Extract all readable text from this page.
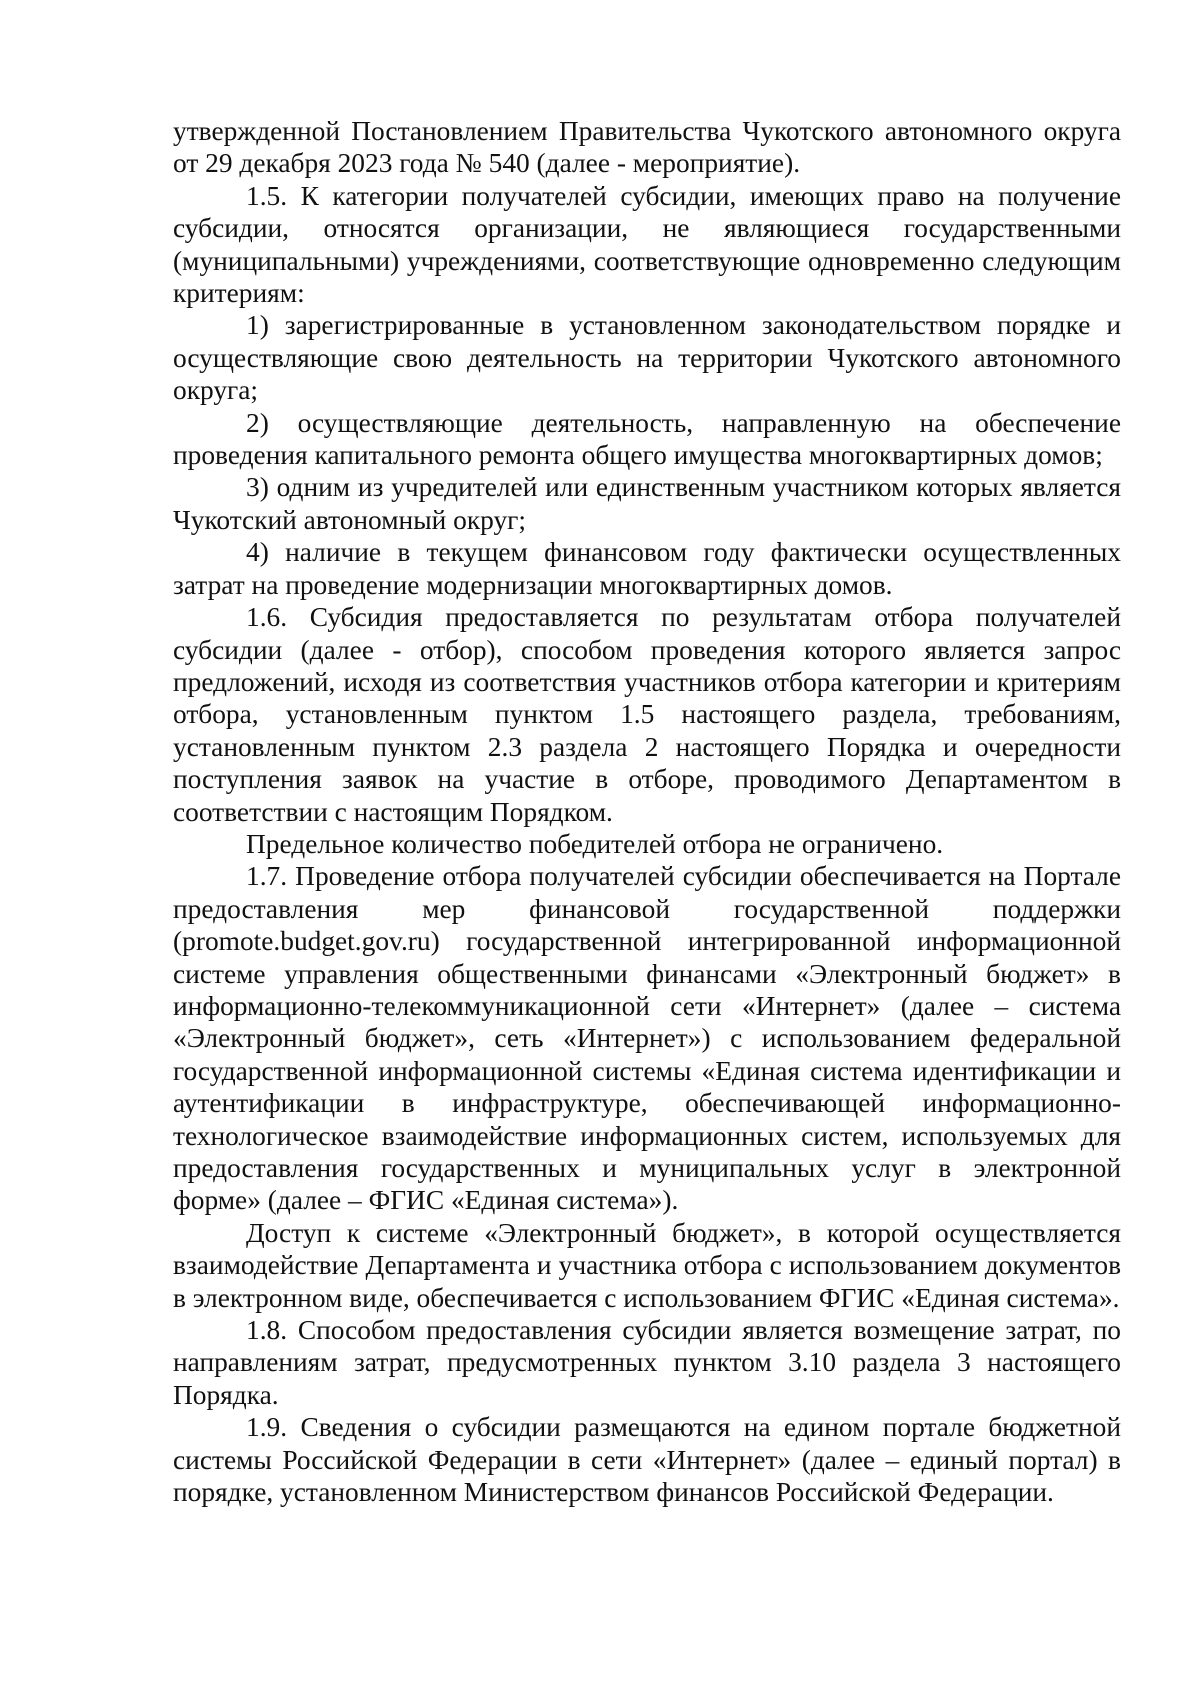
утвержденной Постановлением Правительства Чукотского автономного округа от 29 декабря 2023 года № 540 (далее - мероприятие).

1.5. К категории получателей субсидии, имеющих право на получение субсидии, относятся организации, не являющиеся государственными (муниципальными) учреждениями, соответствующие одновременно следующим критериям:

1) зарегистрированные в установленном законодательством порядке и осуществляющие свою деятельность на территории Чукотского автономного округа;

2) осуществляющие деятельность, направленную на обеспечение проведения капитального ремонта общего имущества многоквартирных домов;

3) одним из учредителей или единственным участником которых является Чукотский автономный округ;

4) наличие в текущем финансовом году фактически осуществленных затрат на проведение модернизации многоквартирных домов.

1.6. Субсидия предоставляется по результатам отбора получателей субсидии (далее - отбор), способом проведения которого является запрос предложений, исходя из соответствия участников отбора категории и критериям отбора, установленным пунктом 1.5 настоящего раздела, требованиям, установленным пунктом 2.3 раздела 2 настоящего Порядка и очередности поступления заявок на участие в отборе, проводимого Департаментом в соответствии с настоящим Порядком.

Предельное количество победителей отбора не ограничено.

1.7. Проведение отбора получателей субсидии обеспечивается на Портале предоставления мер финансовой государственной поддержки (promote.budget.gov.ru) государственной интегрированной информационной системе управления общественными финансами «Электронный бюджет» в информационно-телекоммуникационной сети «Интернет» (далее – система «Электронный бюджет», сеть «Интернет») с использованием федеральной государственной информационной системы «Единая система идентификации и аутентификации в инфраструктуре, обеспечивающей информационно-технологическое взаимодействие информационных систем, используемых для предоставления государственных и муниципальных услуг в электронной форме» (далее – ФГИС «Единая система»).

Доступ к системе «Электронный бюджет», в которой осуществляется взаимодействие Департамента и участника отбора с использованием документов в электронном виде, обеспечивается с использованием ФГИС «Единая система».

1.8. Способом предоставления субсидии является возмещение затрат, по направлениям затрат, предусмотренных пунктом 3.10 раздела 3 настоящего Порядка.

1.9. Сведения о субсидии размещаются на едином портале бюджетной системы Российской Федерации в сети «Интернет» (далее – единый портал) в порядке, установленном Министерством финансов Российской Федерации.
